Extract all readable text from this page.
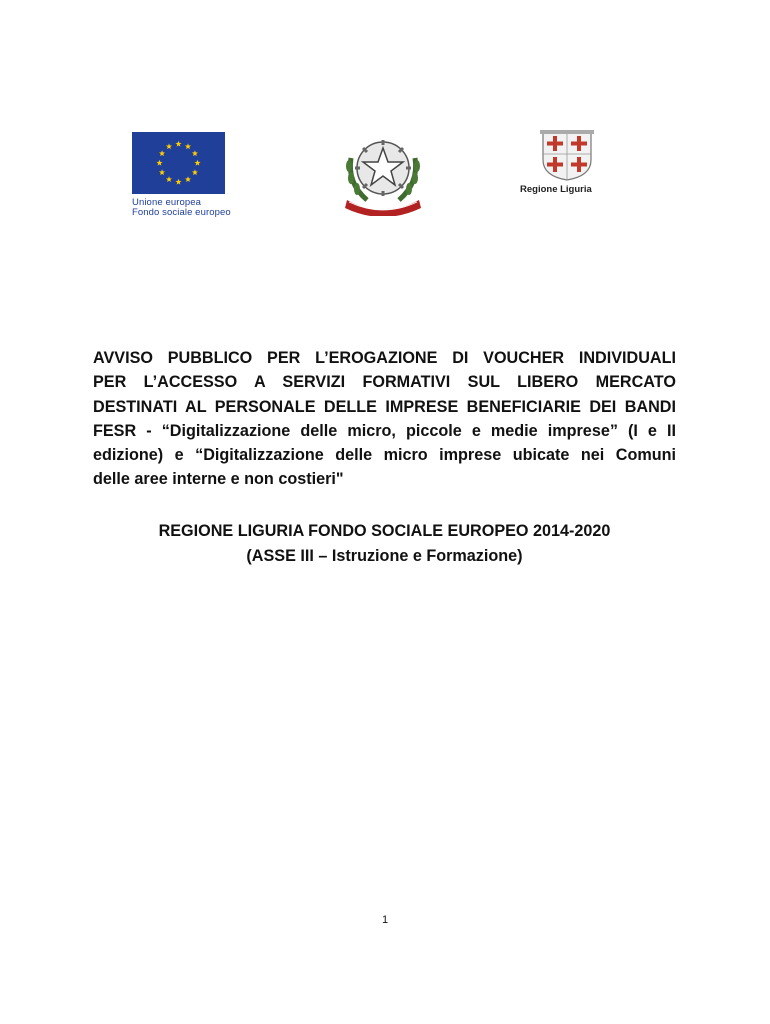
Unione europea
Fondo sociale europeo
Regione Liguria
AVVISO PUBBLICO PER L’EROGAZIONE DI VOUCHER INDIVIDUALI
PER L’ACCESSO A SERVIZI FORMATIVI SUL LIBERO MERCATO
DESTINATI AL PERSONALE DELLE IMPRESE BENEFICIARIE DEI BANDI
FESR - “Digitalizzazione delle micro, piccole e medie imprese” (I e II
edizione) e “Digitalizzazione delle micro imprese ubicate nei Comuni
delle aree interne e non costieri"
REGIONE LIGURIA FONDO SOCIALE EUROPEO 2014-2020
(ASSE III – Istruzione e Formazione)
1
